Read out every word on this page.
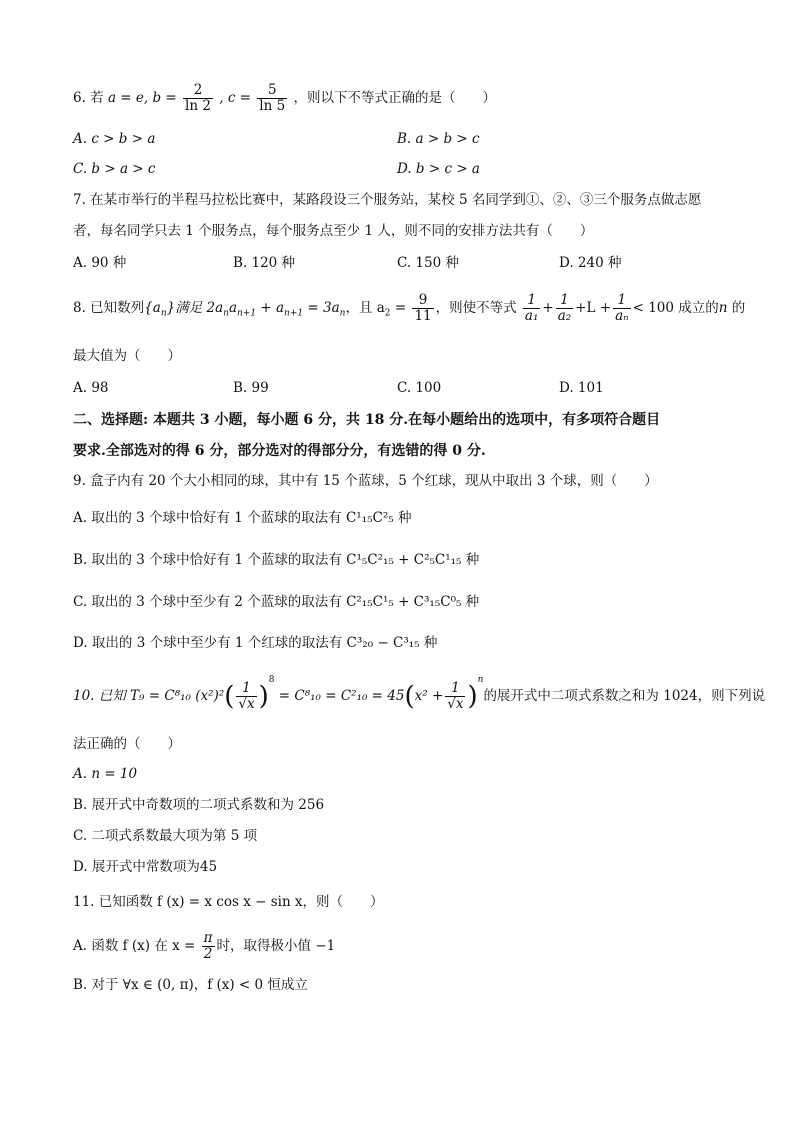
6. 若 a = e, $b = \frac{2}{\ln 2}$ , $c = \frac{5}{\ln 5}$ ，则以下不等式正确的是（　　）
A. c > b > a	B. a > b > c
C. b > a > c	D. b > c > a
7. 在某市举行的半程马拉松比赛中，某路段设三个服务站，某校 5 名同学到①、②、③三个服务点做志愿
者，每名同学只去 1 个服务点，每个服务点至少 1 人，则不同的安排方法共有（　　）
A. 90 种	B. 120 种	C. 150 种	D. 240 种
8. 已知数列$\{a_n\}$满足 $2a_na_{n+1} + a_{n+1} = 3a_n$，且 $a_2 = \frac{9}{11}$ ，则使不等式 $\frac{1}{\text{a₁}} + \frac{1}{\text{a₂}} +L + \frac{1}{\text{aₙ}} < 100$ 成立的n 的
最大值为（　　）
A. 98	B. 99	C. 100	D. 101
二、选择题: 本题共 3 小题，每小题 6 分，共 18 分.在每小题给出的选项中，有多项符合题目
要求.全部选对的得 6 分，部分选对的得部分分，有选错的得 0 分.
9. 盒子内有 20 个大小相同的球，其中有 15 个蓝球，5 个红球，现从中取出 3 个球，则（　　）
A. 取出的 3 个球中恰好有 1 个蓝球的取法有 C¹₁₅C²₅ 种
B. 取出的 3 个球中恰好有 1 个蓝球的取法有 C¹₅C²₁₅ + C²₅C¹₁₅ 种
C. 取出的 3 个球中至少有 2 个蓝球的取法有 C²₁₅C¹₅ + C³₁₅C⁰₅ 种
D. 取出的 3 个球中至少有 1 个红球的取法有 C³₂₀ − C³₁₅ 种
10. 已知 T₉ = C⁸₁₀ $(x^2)^2( \frac{1}{√x} )^8 = C^8_{10} = C^2_{10} = 45(x^2 + \frac{1}{√x} )^n$的展开式中二项式系数之和为 1024，则下列说
法正确的（　　）
A. n = 10
B. 展开式中奇数项的二项式系数和为 256
C. 二项式系数最大项为第 5 项
D. 展开式中常数项为45
11. 已知函数 f (x) = x cos x − sin x，则（　　）
A. 函数 f (x) 在 $x = \frac{\pi}{2}$ 时，取得极小值 −1
B. 对于 ∀x ∈ (0, π)，f (x) < 0 恒成立
